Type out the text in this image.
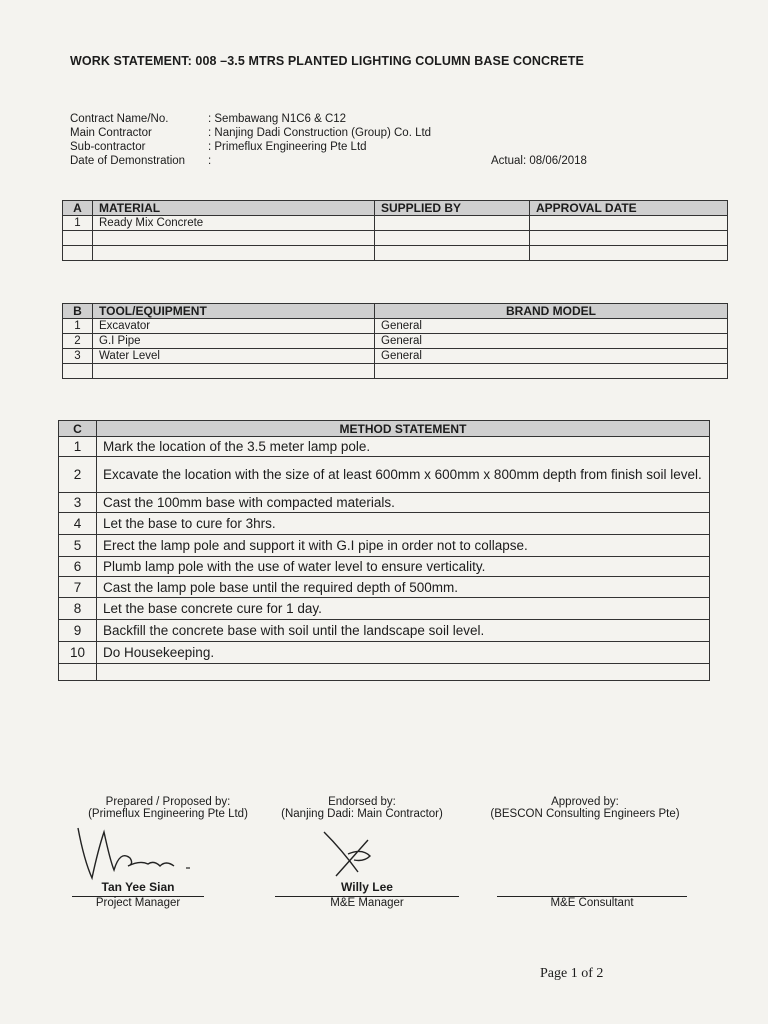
WORK STATEMENT: 008 –3.5 MTRS PLANTED LIGHTING COLUMN BASE CONCRETE
Contract Name/No.	: Sembawang N1C6 & C12
Main Contractor	: Nanjing Dadi Construction (Group) Co. Ltd
Sub-contractor	: Primeflux Engineering Pte Ltd
Date of Demonstration	:	Actual: 08/06/2018
A	MATERIAL	SUPPLIED BY	APPROVAL DATE
1	Ready Mix Concrete		

B	TOOL/EQUIPMENT	BRAND MODEL
1	Excavator	General
2	G.I Pipe	General
3	Water Level	General

C	METHOD STATEMENT
1	Mark the location of the 3.5 meter lamp pole.
2	Excavate the location with the size of at least 600mm x 600mm x 800mm depth from finish soil level.
3	Cast the 100mm base with compacted materials.
4	Let the base to cure for 3hrs.
5	Erect the lamp pole and support it with G.I pipe in order not to collapse.
6	Plumb lamp pole with the use of water level to ensure verticality.
7	Cast the lamp pole base until the required depth of 500mm.
8	Let the base concrete cure for 1 day.
9	Backfill the concrete base with soil until the landscape soil level.
10	Do Housekeeping.

Prepared / Proposed by:
(Primeflux Engineering Pte Ltd)
Endorsed by:
(Nanjing Dadi: Main Contractor)
Approved by:
(BESCON Consulting Engineers Pte)
Tan Yee Sian
Project Manager
Willy Lee
M&E Manager	M&E Consultant
Page 1 of 2
